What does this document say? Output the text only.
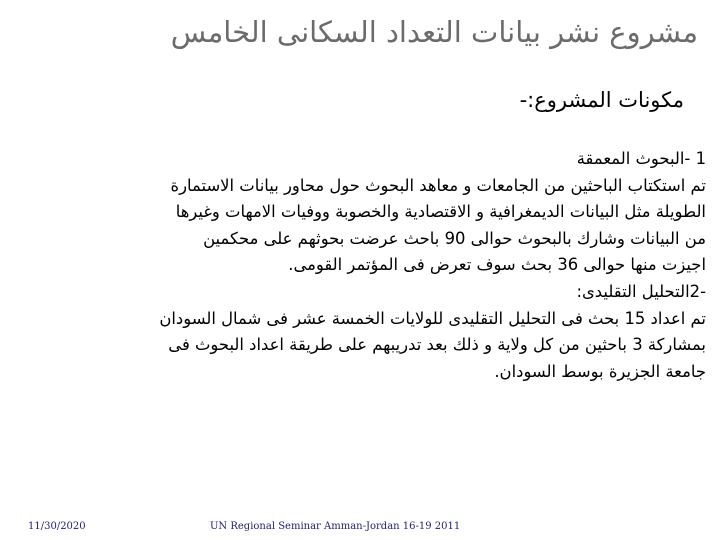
مشروع نشر بيانات التعداد السكانى الخامس
مكونات المشروع:-

1 -البحوث المعمقة

تم استكتاب الباحثين من الجامعات و معاهد البحوث حول محاور بيانات الاستمارة

الطويلة مثل البيانات الديمغرافية و الاقتصادية والخصوبة ووفيات الامهات وغيرها

من البيانات وشارك بالبحوث حوالى 90 باحث عرضت بحوثهم على محكمين

اجيزت منها حوالى 36 بحث سوف تعرض فى المؤتمر القومى.

-2التحليل التقليدى:

تم اعداد 15 بحث فى التحليل التقليدى للولايات الخمسة عشر فى شمال السودان

بمشاركة 3 باحثين من كل ولاية و ذلك بعد تدريبهم على طريقة اعداد البحوث فى

جامعة الجزيرة بوسط السودان.

11/30/2020	UN Regional Seminar Amman-Jordan 16-19 2011
